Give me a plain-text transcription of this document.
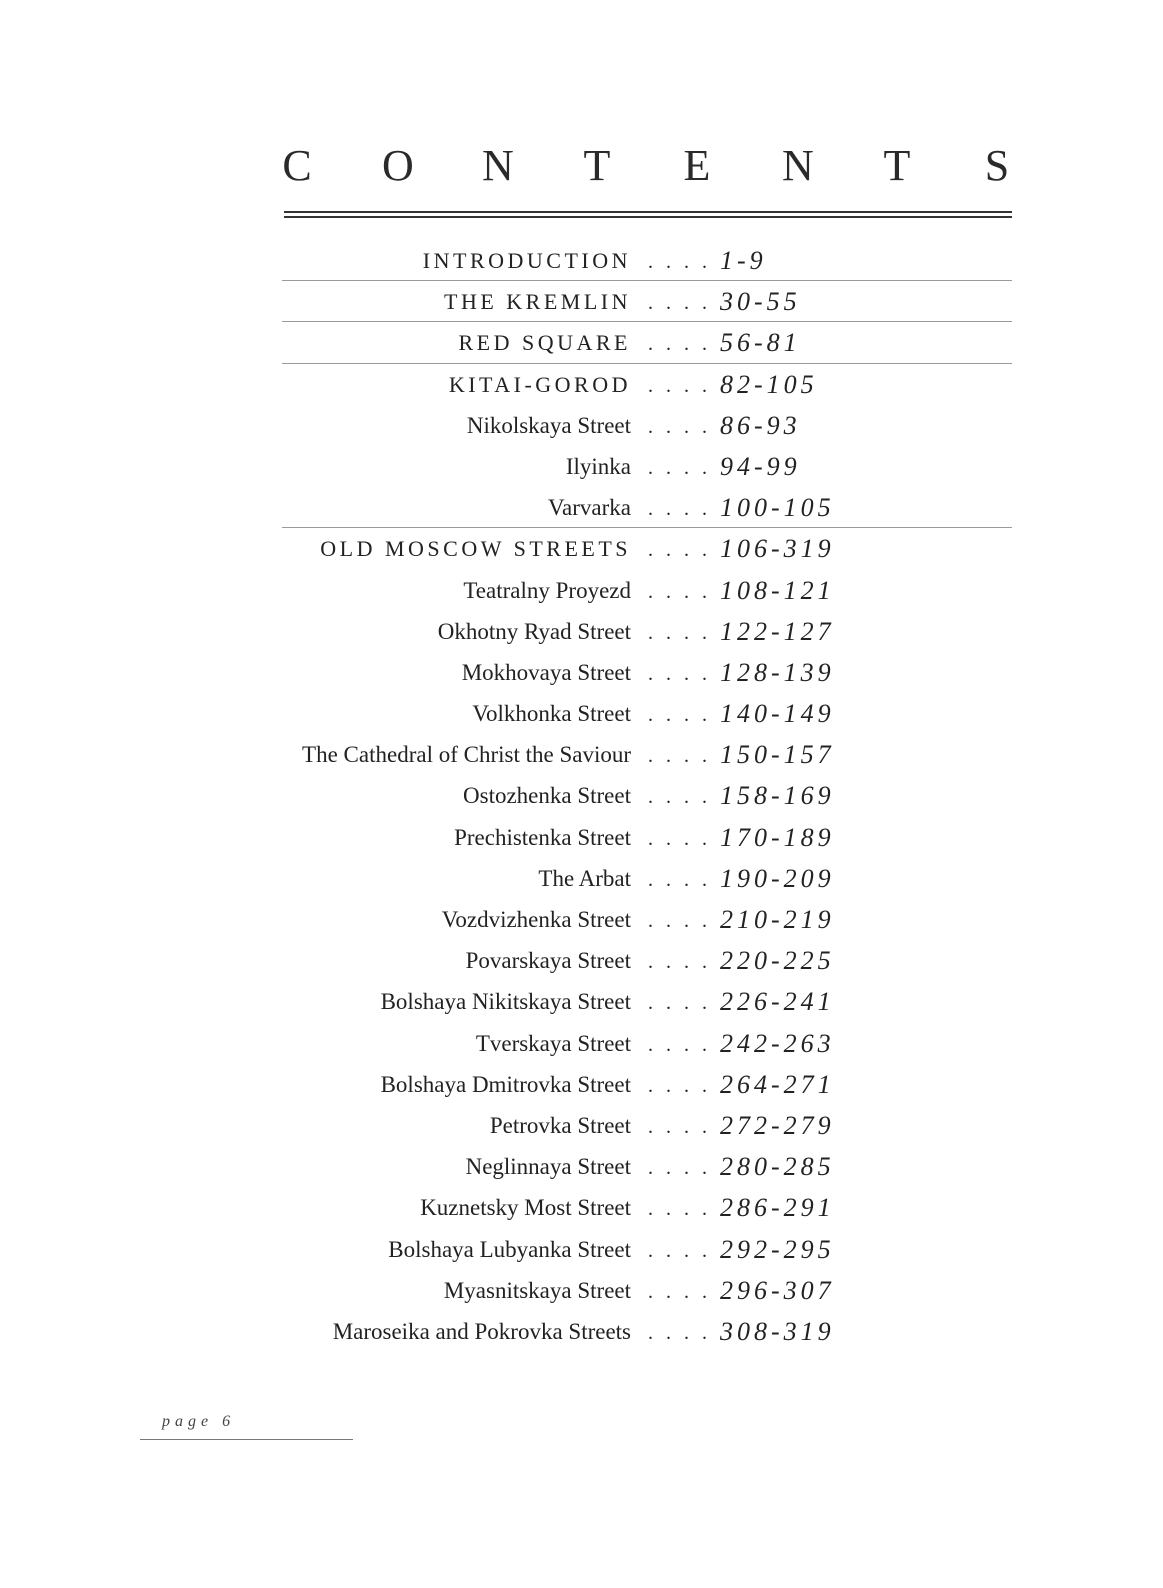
C O N T E N T S
INTRODUCTION . . . . 1-9
THE KREMLIN . . . . 30-55
RED SQUARE . . . . 56-81
KITAI-GOROD . . . . 82-105
Nikolskaya Street . . . . 86-93
Ilyinka . . . . 94-99
Varvarka . . . . 100-105
OLD MOSCOW STREETS . . . . 106-319
Teatralny Proyezd . . . . 108-121
Okhotny Ryad Street . . . . 122-127
Mokhovaya Street . . . . 128-139
Volkhonka Street . . . . 140-149
The Cathedral of Christ the Saviour . . . . 150-157
Ostozhenka Street . . . . 158-169
Prechistenka Street . . . . 170-189
The Arbat . . . . 190-209
Vozdvizhenka Street . . . . 210-219
Povarskaya Street . . . . 220-225
Bolshaya Nikitskaya Street . . . . 226-241
Tverskaya Street . . . . 242-263
Bolshaya Dmitrovka Street . . . . 264-271
Petrovka Street . . . . 272-279
Neglinnaya Street . . . . 280-285
Kuznetsky Most Street . . . . 286-291
Bolshaya Lubyanka Street . . . . 292-295
Myasnitskaya Street . . . . 296-307
Maroseika and Pokrovka Streets . . . . 308-319
page 6
